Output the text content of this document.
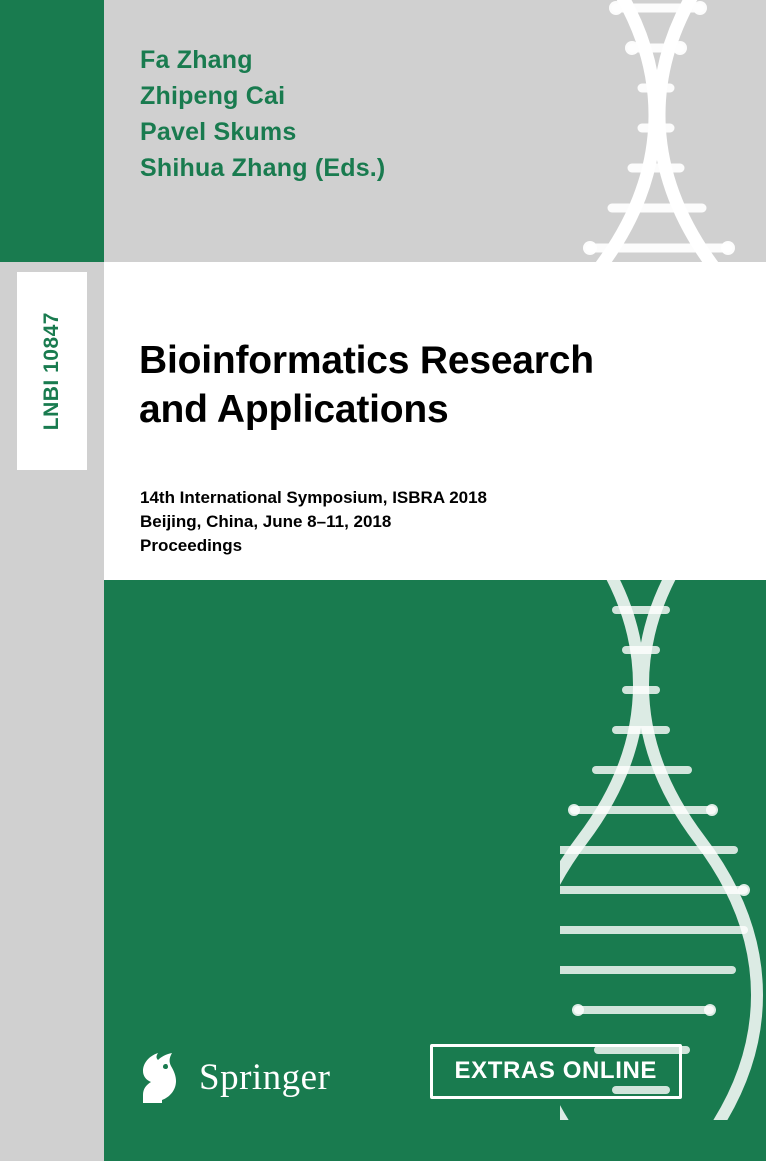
LNBI 10847
Fa Zhang
Zhipeng Cai
Pavel Skums
Shihua Zhang (Eds.)
Bioinformatics Research
and Applications
14th International Symposium, ISBRA 2018
Beijing, China, June 8–11, 2018
Proceedings
Springer	EXTRAS ONLINE
